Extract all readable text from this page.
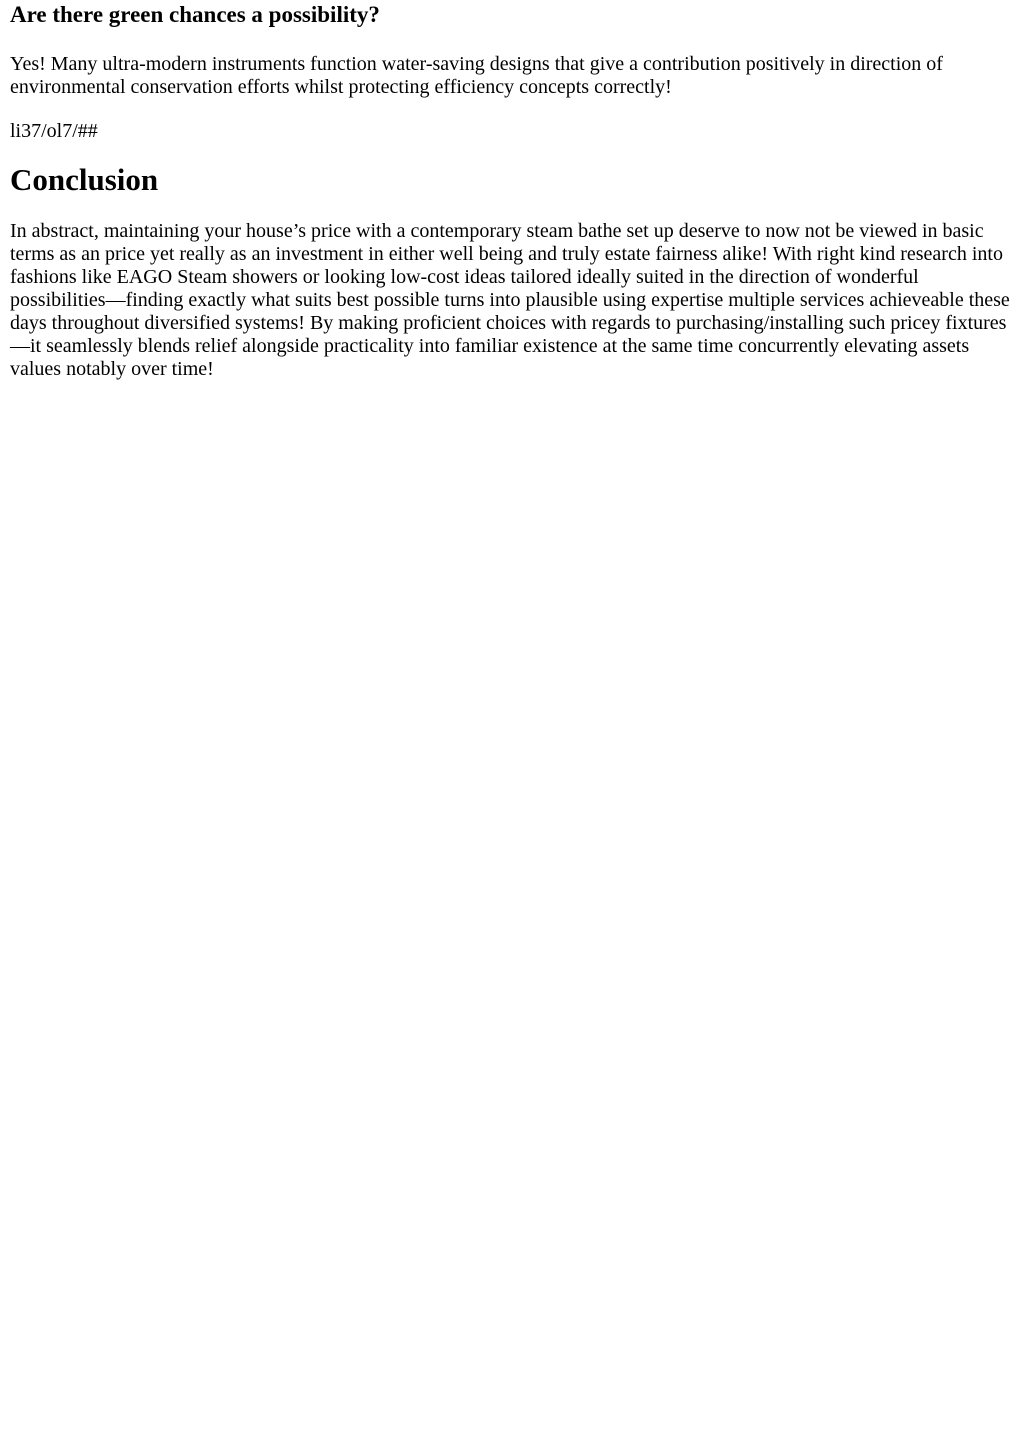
Are there green chances a possibility?

Yes! Many ultra-modern instruments function water-saving designs that give a contribution positively in direction of environmental conservation efforts whilst protecting efficiency concepts correctly!

li37/ol7/##

Conclusion

In abstract, maintaining your house’s price with a contemporary steam bathe set up deserve to now not be viewed in basic terms as an price yet really as an investment in either well being and truly estate fairness alike! With right kind research into fashions like EAGO Steam showers or looking low-cost ideas tailored ideally suited in the direction of wonderful possibilities—finding exactly what suits best possible turns into plausible using expertise multiple services achieveable these days throughout diversified systems! By making proficient choices with regards to purchasing/installing such pricey fixtures—it seamlessly blends relief alongside practicality into familiar existence at the same time concurrently elevating assets values notably over time!
